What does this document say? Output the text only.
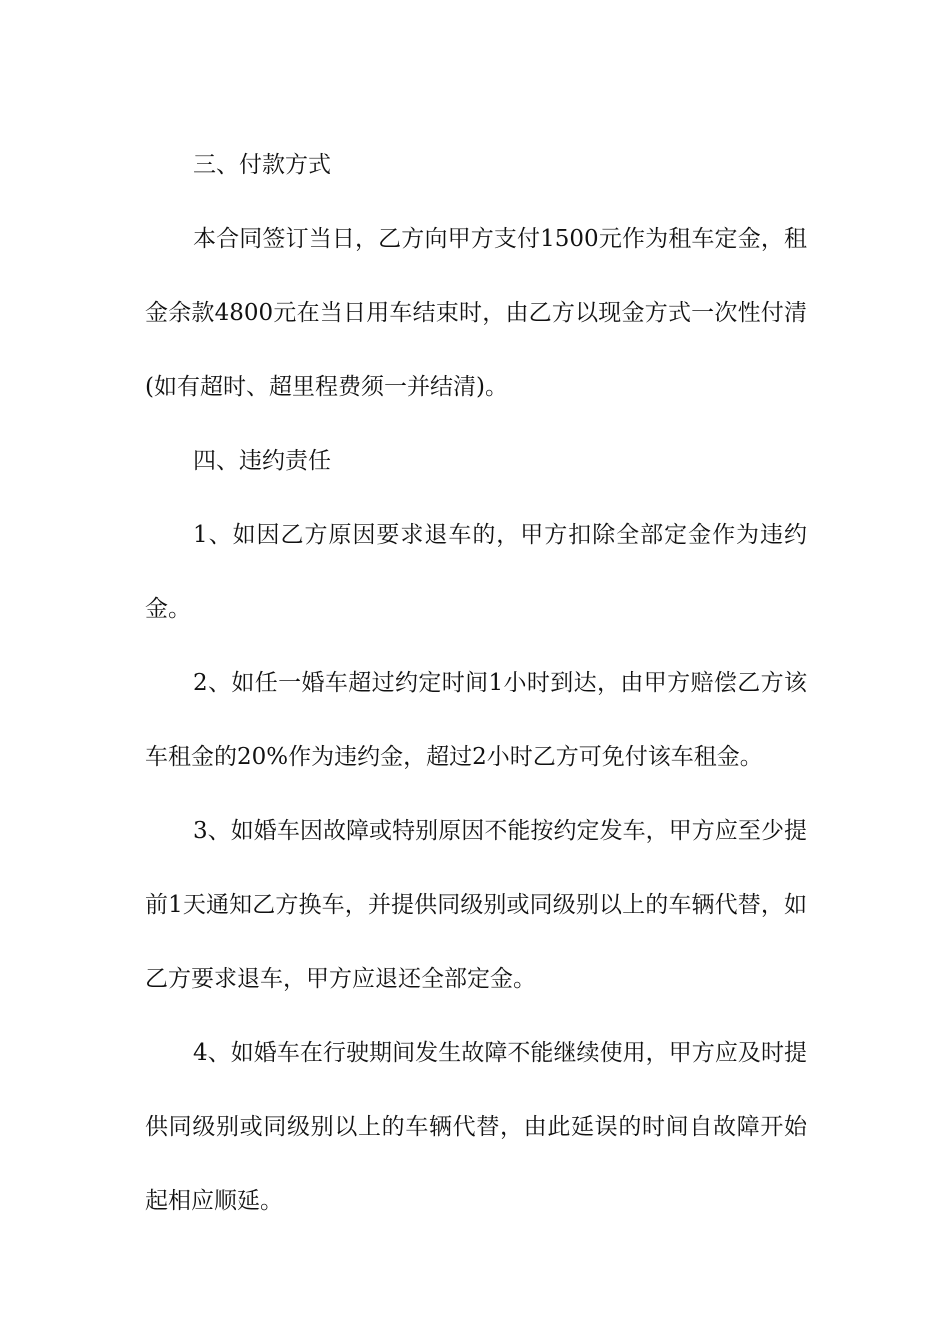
三、付款方式

本合同签订当日，乙方向甲方支付1500元作为租车定金，租金余款4800元在当日用车结束时，由乙方以现金方式一次性付清(如有超时、超里程费须一并结清)。

四、违约责任

1、如因乙方原因要求退车的，甲方扣除全部定金作为违约金。

2、如任一婚车超过约定时间1小时到达，由甲方赔偿乙方该车租金的20%作为违约金，超过2小时乙方可免付该车租金。

3、如婚车因故障或特别原因不能按约定发车，甲方应至少提前1天通知乙方换车，并提供同级别或同级别以上的车辆代替，如乙方要求退车，甲方应退还全部定金。

4、如婚车在行驶期间发生故障不能继续使用，甲方应及时提供同级别或同级别以上的车辆代替，由此延误的时间自故障开始起相应顺延。
